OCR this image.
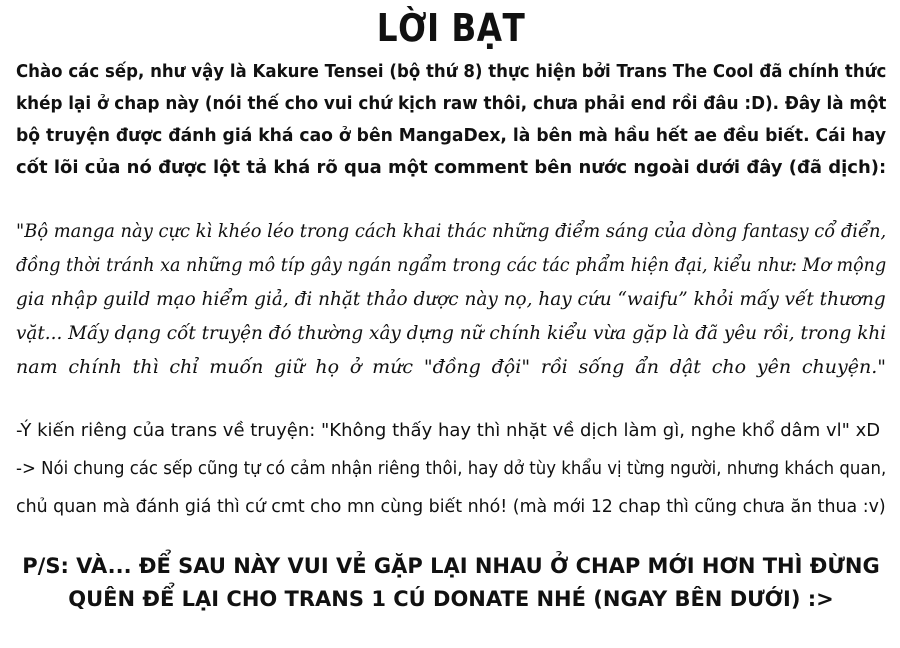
LỜI BẠT
Chào các sếp, như vậy là Kakure Tensei (bộ thứ 8) thực hiện bởi Trans The Cool đã chính thức
khép lại ở chap này (nói thế cho vui chứ kịch raw thôi, chưa phải end rồi đâu :D). Đây là một
bộ truyện được đánh giá khá cao ở bên MangaDex, là bên mà hầu hết ae đều biết. Cái hay
cốt lõi của nó được lột tả khá rõ qua một comment bên nước ngoài dưới đây (đã dịch):
"Bộ manga này cực kì khéo léo trong cách khai thác những điểm sáng của dòng fantasy cổ điển,
đồng thời tránh xa những mô típ gây ngán ngẩm trong các tác phẩm hiện đại, kiểu như: Mơ mộng
gia nhập guild mạo hiểm giả, đi nhặt thảo dược này nọ, hay cứu “waifu” khỏi mấy vết thương
vặt... Mấy dạng cốt truyện đó thường xây dựng nữ chính kiểu vừa gặp là đã yêu rồi, trong khi
nam chính thì chỉ muốn giữ họ ở mức "đồng đội" rồi sống ẩn dật cho yên chuyện."
-Ý kiến riêng của trans về truyện: "Không thấy hay thì nhặt về dịch làm gì, nghe khổ dâm vl" xD
-> Nói chung các sếp cũng tự có cảm nhận riêng thôi, hay dở tùy khẩu vị từng người, nhưng khách quan,
chủ quan mà đánh giá thì cứ cmt cho mn cùng biết nhó! (mà mới 12 chap thì cũng chưa ăn thua :v)
P/S: VÀ... ĐỂ SAU NÀY VUI VẺ GẶP LẠI NHAU Ở CHAP MỚI HƠN THÌ ĐỪNG
QUÊN ĐỂ LẠI CHO TRANS 1 CÚ DONATE NHÉ (NGAY BÊN DƯỚI) :>
